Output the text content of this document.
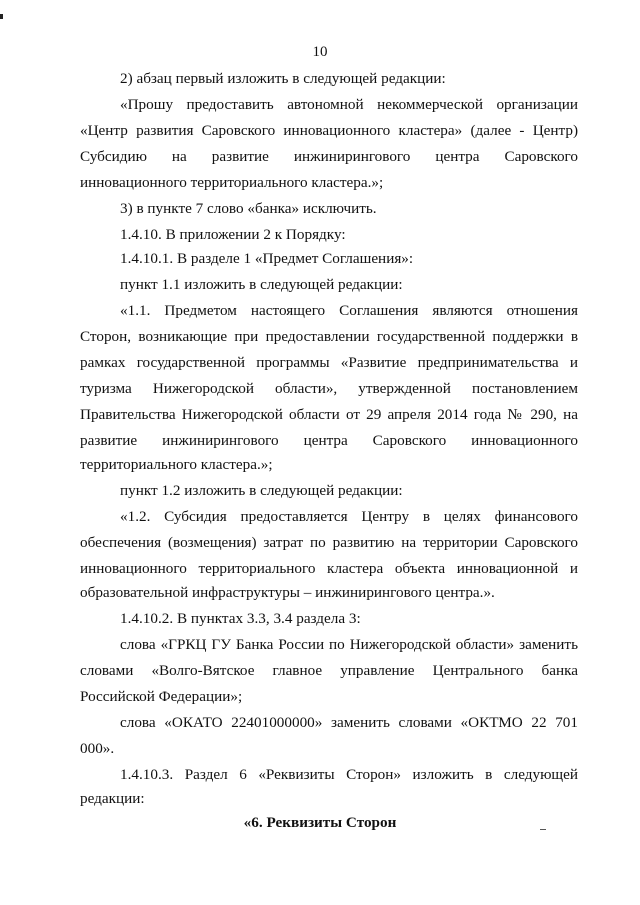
10
2) абзац первый изложить в следующей редакции:
«Прошу предоставить автономной некоммерческой организации
«Центр развития Саровского инновационного кластера» (далее - Центр)
Субсидию на развитие инжинирингового центра Саровского
инновационного территориального кластера.»;
3) в пункте 7 слово «банка» исключить.
1.4.10. В приложении 2 к Порядку:
1.4.10.1. В разделе 1 «Предмет Соглашения»:
пункт 1.1 изложить в следующей редакции:
«1.1. Предметом настоящего Соглашения являются отношения
Сторон, возникающие при предоставлении государственной поддержки в
рамках государственной программы «Развитие предпринимательства и
туризма Нижегородской области», утвержденной постановлением
Правительства Нижегородской области от 29 апреля 2014 года № 290, на
развитие инжинирингового центра Саровского инновационного
территориального кластера.»;
пункт 1.2 изложить в следующей редакции:
«1.2. Субсидия предоставляется Центру в целях финансового
обеспечения (возмещения) затрат по развитию на территории Саровского
инновационного территориального кластера объекта инновационной и
образовательной инфраструктуры – инжинирингового центра.».
1.4.10.2. В пунктах 3.3, 3.4 раздела 3:
слова «ГРКЦ ГУ Банка России по Нижегородской области» заменить
словами «Волго-Вятское главное управление Центрального банка
Российской Федерации»;
слова «ОКАТО 22401000000» заменить словами «ОКТМО 22 701
000».
1.4.10.3. Раздел 6 «Реквизиты Сторон» изложить в следующей
редакции:
«6. Реквизиты Сторон
